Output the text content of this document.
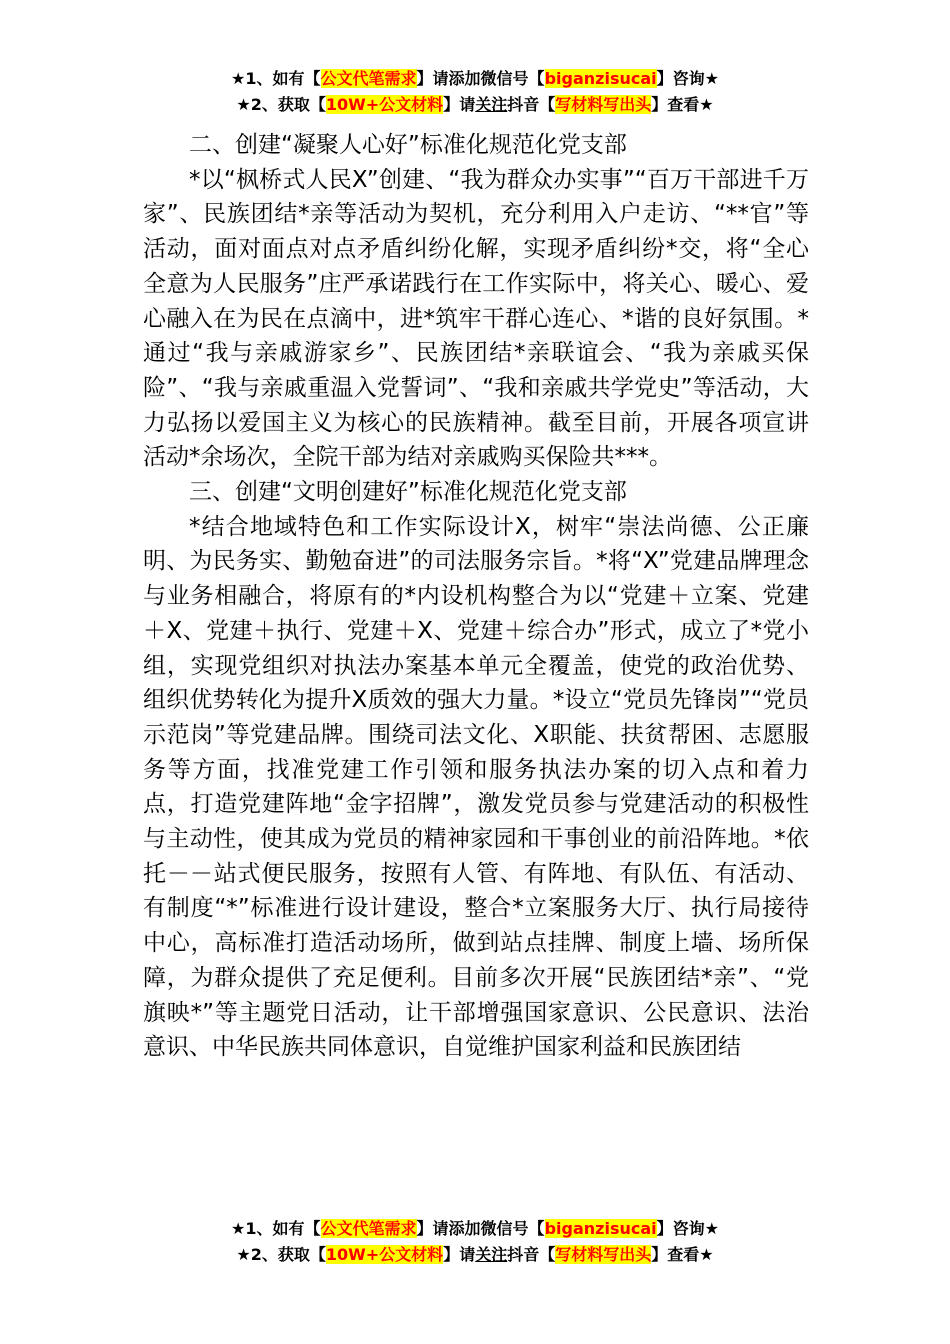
★1、如有【公文代笔需求】请添加微信号【biganzisucai】咨询★
★2、获取【10W+公文材料】请关注抖音【写材料写出头】查看★

二、创建“凝聚人心好”标准化规范化党支部

*以“枫桥式人民X”创建、“我为群众办实事”“百万干部进千万家”、民族团结*亲等活动为契机，充分利用入户走访、“**官”等活动，面对面点对点矛盾纠纷化解，实现矛盾纠纷*交，将“全心全意为人民服务”庄严承诺践行在工作实际中，将关心、暖心、爱心融入在为民在点滴中，进*筑牢干群心连心、*谐的良好氛围。*通过“我与亲戚游家乡”、民族团结*亲联谊会、“我为亲戚买保险”、“我与亲戚重温入党誓词”、“我和亲戚共学党史”等活动，大力弘扬以爱国主义为核心的民族精神。截至目前，开展各项宣讲活动*余场次，全院干部为结对亲戚购买保险共***。

三、创建“文明创建好”标准化规范化党支部

*结合地域特色和工作实际设计X，树牢“崇法尚德、公正廉明、为民务实、勤勉奋进”的司法服务宗旨。*将“X”党建品牌理念与业务相融合，将原有的*内设机构整合为以“党建＋立案、党建＋X、党建＋执行、党建＋X、党建＋综合办”形式，成立了*党小组，实现党组织对执法办案基本单元全覆盖，使党的政治优势、组织优势转化为提升X质效的强大力量。*设立“党员先锋岗”“党员示范岗”等党建品牌。围绕司法文化、X职能、扶贫帮困、志愿服务等方面，找准党建工作引领和服务执法办案的切入点和着力点，打造党建阵地“金字招牌”，激发党员参与党建活动的积极性与主动性，使其成为党员的精神家园和干事创业的前沿阵地。*依托－－站式便民服务，按照有人管、有阵地、有队伍、有活动、有制度“*”标准进行设计建设，整合*立案服务大厅、执行局接待中心，高标准打造活动场所，做到站点挂牌、制度上墙、场所保障，为群众提供了充足便利。目前多次开展“民族团结*亲”、“党旗映*”等主题党日活动，让干部增强国家意识、公民意识、法治意识、中华民族共同体意识，自觉维护国家利益和民族团结

★1、如有【公文代笔需求】请添加微信号【biganzisucai】咨询★
★2、获取【10W+公文材料】请关注抖音【写材料写出头】查看★
